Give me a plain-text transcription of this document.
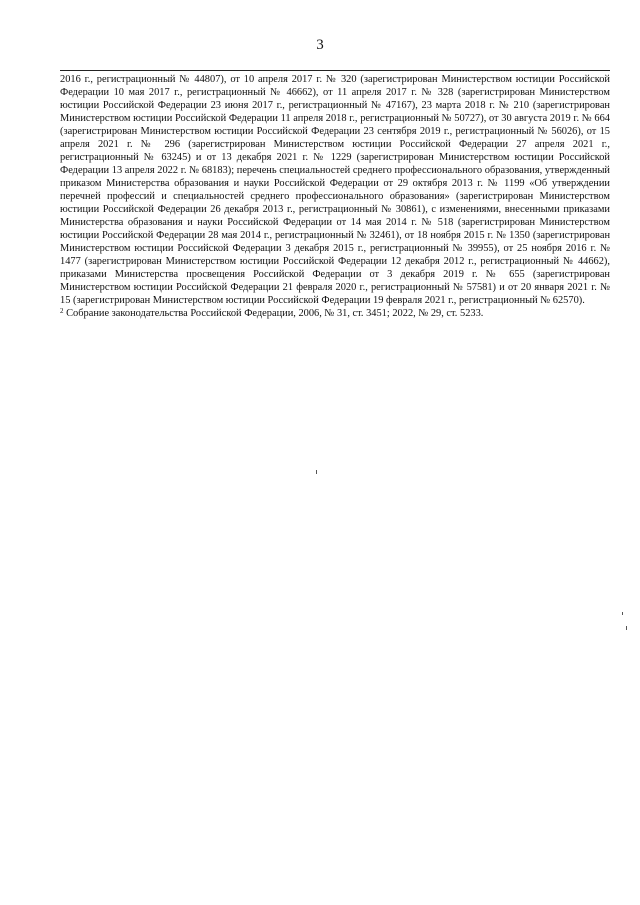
3

2016 г., регистрационный № 44807), от 10 апреля 2017 г. № 320 (зарегистрирован Министерством юстиции Российской Федерации 10 мая 2017 г., регистрационный № 46662), от 11 апреля 2017 г. № 328 (зарегистрирован Министерством юстиции Российской Федерации 23 июня 2017 г., регистрационный № 47167), 23 марта 2018 г. № 210 (зарегистрирован Министерством юстиции Российской Федерации 11 апреля 2018 г., регистрационный № 50727), от 30 августа 2019 г. № 664 (зарегистрирован Министерством юстиции Российской Федерации 23 сентября 2019 г., регистрационный № 56026), от 15 апреля 2021 г. № 296 (зарегистрирован Министерством юстиции Российской Федерации 27 апреля 2021 г., регистрационный № 63245) и от 13 декабря 2021 г. № 1229 (зарегистрирован Министерством юстиции Российской Федерации 13 апреля 2022 г. № 68183); перечень специальностей среднего профессионального образования, утвержденный приказом Министерства образования и науки Российской Федерации от 29 октября 2013 г. № 1199 «Об утверждении перечней профессий и специальностей среднего профессионального образования» (зарегистрирован Министерством юстиции Российской Федерации 26 декабря 2013 г., регистрационный № 30861), с изменениями, внесенными приказами Министерства образования и науки Российской Федерации от 14 мая 2014 г. № 518 (зарегистрирован Министерством юстиции Российской Федерации 28 мая 2014 г., регистрационный № 32461), от 18 ноября 2015 г. № 1350 (зарегистрирован Министерством юстиции Российской Федерации 3 декабря 2015 г., регистрационный № 39955), от 25 ноября 2016 г. № 1477 (зарегистрирован Министерством юстиции Российской Федерации 12 декабря 2012 г., регистрационный № 44662), приказами Министерства просвещения Российской Федерации от 3 декабря 2019 г. № 655 (зарегистрирован Министерством юстиции Российской Федерации 21 февраля 2020 г., регистрационный № 57581) и от 20 января 2021 г. № 15 (зарегистрирован Министерством юстиции Российской Федерации 19 февраля 2021 г., регистрационный № 62570).

$^2$ Собрание законодательства Российской Федерации, 2006, № 31, ст. 3451; 2022, № 29, ст. 5233.
